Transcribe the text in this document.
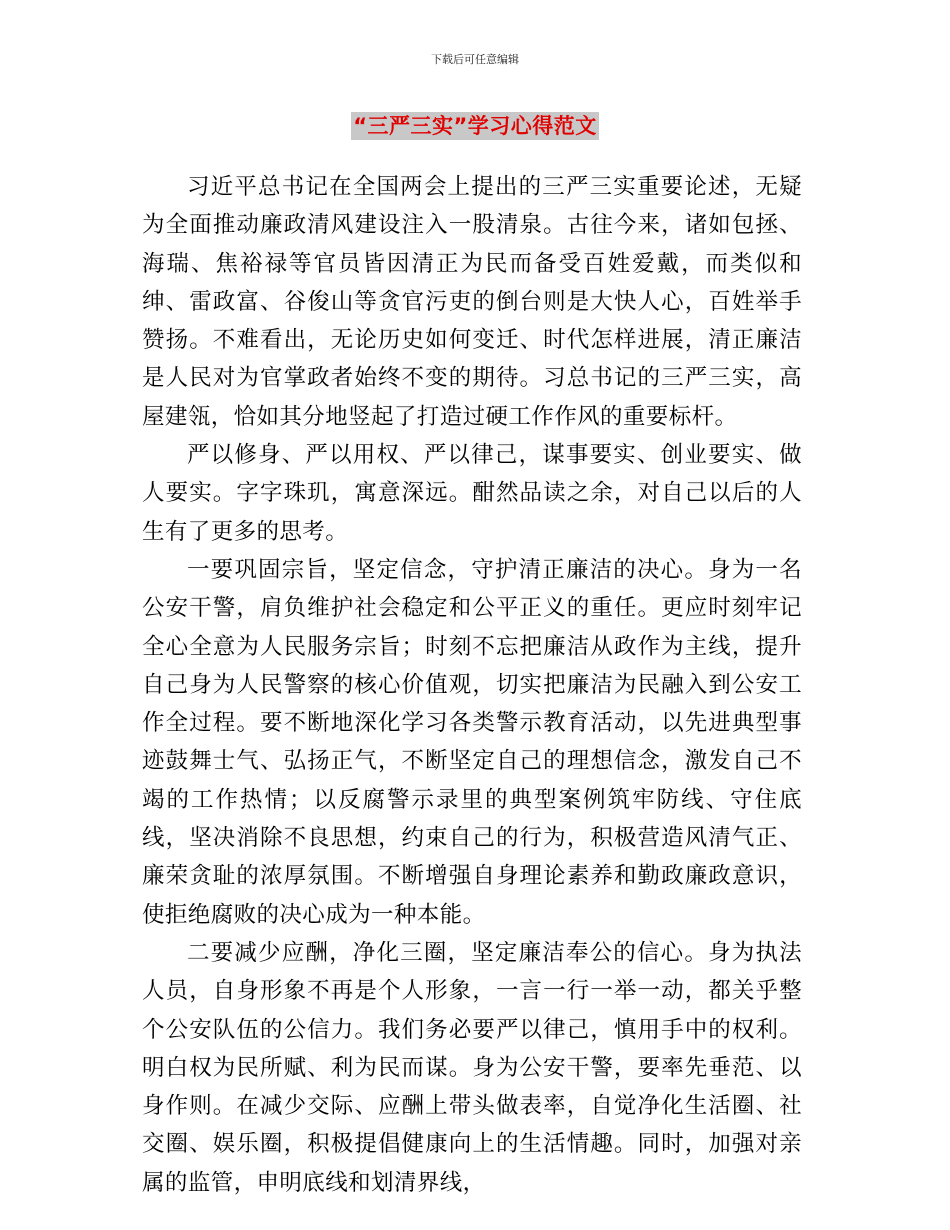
下载后可任意编辑
“三严三实”学习心得范文

习近平总书记在全国两会上提出的三严三实重要论述，无疑为全面推动廉政清风建设注入一股清泉。古往今来，诸如包拯、海瑞、焦裕禄等官员皆因清正为民而备受百姓爱戴，而类似和绅、雷政富、谷俊山等贪官污吏的倒台则是大快人心，百姓举手赞扬。不难看出，无论历史如何变迁、时代怎样进展，清正廉洁是人民对为官掌政者始终不变的期待。习总书记的三严三实，高屋建瓴，恰如其分地竖起了打造过硬工作作风的重要标杆。

严以修身、严以用权、严以律己，谋事要实、创业要实、做人要实。字字珠玑，寓意深远。酣然品读之余，对自己以后的人生有了更多的思考。

一要巩固宗旨，坚定信念，守护清正廉洁的决心。身为一名公安干警，肩负维护社会稳定和公平正义的重任。更应时刻牢记全心全意为人民服务宗旨；时刻不忘把廉洁从政作为主线，提升自己身为人民警察的核心价值观，切实把廉洁为民融入到公安工作全过程。要不断地深化学习各类警示教育活动，以先进典型事迹鼓舞士气、弘扬正气，不断坚定自己的理想信念，激发自己不竭的工作热情；以反腐警示录里的典型案例筑牢防线、守住底线，坚决消除不良思想，约束自己的行为，积极营造风清气正、廉荣贪耻的浓厚氛围。不断增强自身理论素养和勤政廉政意识，使拒绝腐败的决心成为一种本能。

二要减少应酬，净化三圈，坚定廉洁奉公的信心。身为执法人员，自身形象不再是个人形象，一言一行一举一动，都关乎整个公安队伍的公信力。我们务必要严以律己，慎用手中的权利。明白权为民所赋、利为民而谋。身为公安干警，要率先垂范、以身作则。在减少交际、应酬上带头做表率，自觉净化生活圈、社交圈、娱乐圈，积极提倡健康向上的生活情趣。同时，加强对亲属的监管，申明底线和划清界线，
